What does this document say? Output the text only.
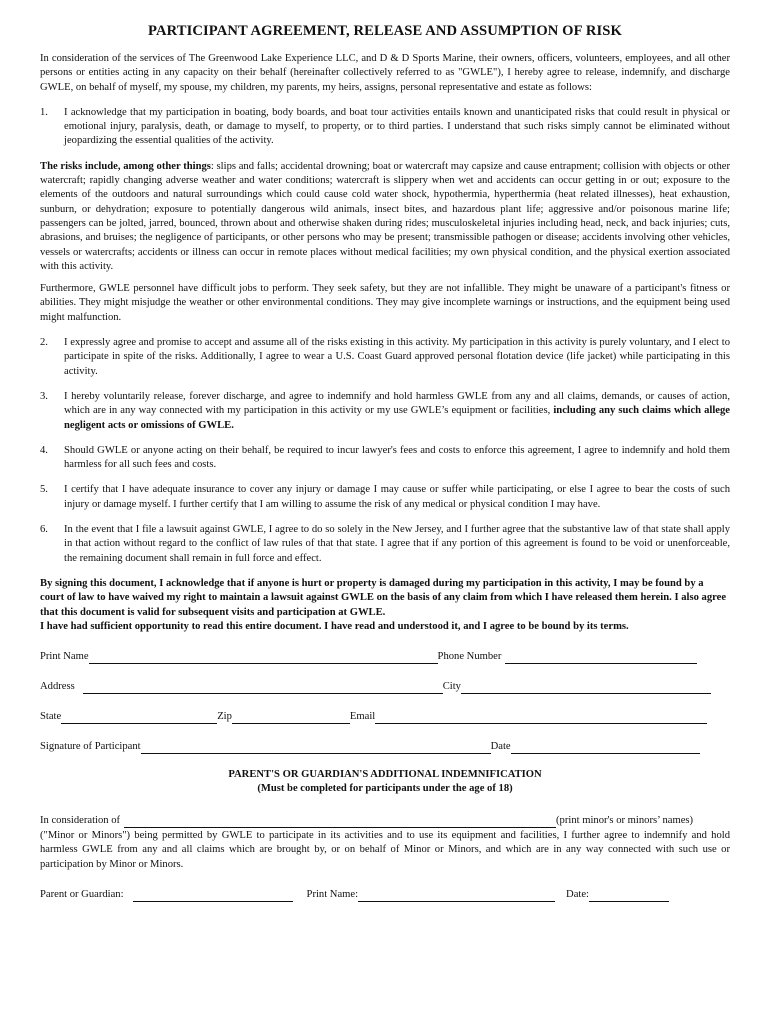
PARTICIPANT AGREEMENT, RELEASE AND ASSUMPTION OF RISK

In consideration of the services of The Greenwood Lake Experience LLC, and D & D Sports Marine, their owners, officers, volunteers, employees, and all other persons or entities acting in any capacity on their behalf (hereinafter collectively referred to as "GWLE"), I hereby agree to release, indemnify, and discharge GWLE, on behalf of myself, my spouse, my children, my parents, my heirs, assigns, personal representative and estate as follows:

1.	I acknowledge that my participation in boating, body boards, and boat tour activities entails known and unanticipated risks that could result in physical or emotional injury, paralysis, death, or damage to myself, to property, or to third parties. I understand that such risks simply cannot be eliminated without jeopardizing the essential qualities of the activity.

The risks include, among other things: slips and falls; accidental drowning; boat or watercraft may capsize and cause entrapment; collision with objects or other watercraft; rapidly changing adverse weather and water conditions; watercraft is slippery when wet and accidents can occur getting in or out; exposure to the elements of the outdoors and natural surroundings which could cause cold water shock, hypothermia, hyperthermia (heat related illnesses), heat exhaustion, sunburn, or dehydration; exposure to potentially dangerous wild animals, insect bites, and hazardous plant life; aggressive and/or poisonous marine life; passengers can be jolted, jarred, bounced, thrown about and otherwise shaken during rides; musculoskeletal injuries including head, neck, and back injuries; cuts, abrasions, and bruises; the negligence of participants, or other persons who may be present; transmissible pathogen or disease; accidents involving other vehicles, vessels or watercrafts; accidents or illness can occur in remote places without medical facilities; my own physical condition, and the physical exertion associated with this activity.

Furthermore, GWLE personnel have difficult jobs to perform. They seek safety, but they are not infallible. They might be unaware of a participant's fitness or abilities. They might misjudge the weather or other environmental conditions. They may give incomplete warnings or instructions, and the equipment being used might malfunction.

2.	I expressly agree and promise to accept and assume all of the risks existing in this activity. My participation in this activity is purely voluntary, and I elect to participate in spite of the risks. Additionally, I agree to wear a U.S. Coast Guard approved personal flotation device (life jacket) while participating in this activity.
3.	I hereby voluntarily release, forever discharge, and agree to indemnify and hold harmless GWLE from any and all claims, demands, or causes of action, which are in any way connected with my participation in this activity or my use GWLE’s equipment or facilities, including any such claims which allege negligent acts or omissions of GWLE.
4.	Should GWLE or anyone acting on their behalf, be required to incur lawyer's fees and costs to enforce this agreement, I agree to indemnify and hold them harmless for all such fees and costs.
5.	I certify that I have adequate insurance to cover any injury or damage I may cause or suffer while participating, or else I agree to bear the costs of such injury or damage myself. I further certify that I am willing to assume the risk of any medical or physical condition I may have.
6.	In the event that I file a lawsuit against GWLE, I agree to do so solely in the New Jersey, and I further agree that the substantive law of that state shall apply in that action without regard to the conflict of law rules of that that state. I agree that if any portion of this agreement is found to be void or unenforceable, the remaining document shall remain in full force and effect.

By signing this document, I acknowledge that if anyone is hurt or property is damaged during my participation in this activity, I may be found by a court of law to have waived my right to maintain a lawsuit against GWLE on the basis of any claim from which I have released them herein. I also agree that this document is valid for subsequent visits and participation at GWLE.

I have had sufficient opportunity to read this entire document. I have read and understood it, and I agree to be bound by its terms.

Print Name	Phone Number
Address	City
State	Zip	Email
Signature of Participant	Date
PARENT'S OR GUARDIAN'S ADDITIONAL INDEMNIFICATION
(Must be completed for participants under the age of 18)
In consideration of	(print minor's or minors’ names)

("Minor or Minors") being permitted by GWLE to participate in its activities and to use its equipment and facilities, I further agree to indemnify and hold harmless GWLE from any and all claims which are brought by, or on behalf of Minor or Minors, and which are in any way connected with such use or participation by Minor or Minors.

Parent or Guardian:	Print Name:	Date:
